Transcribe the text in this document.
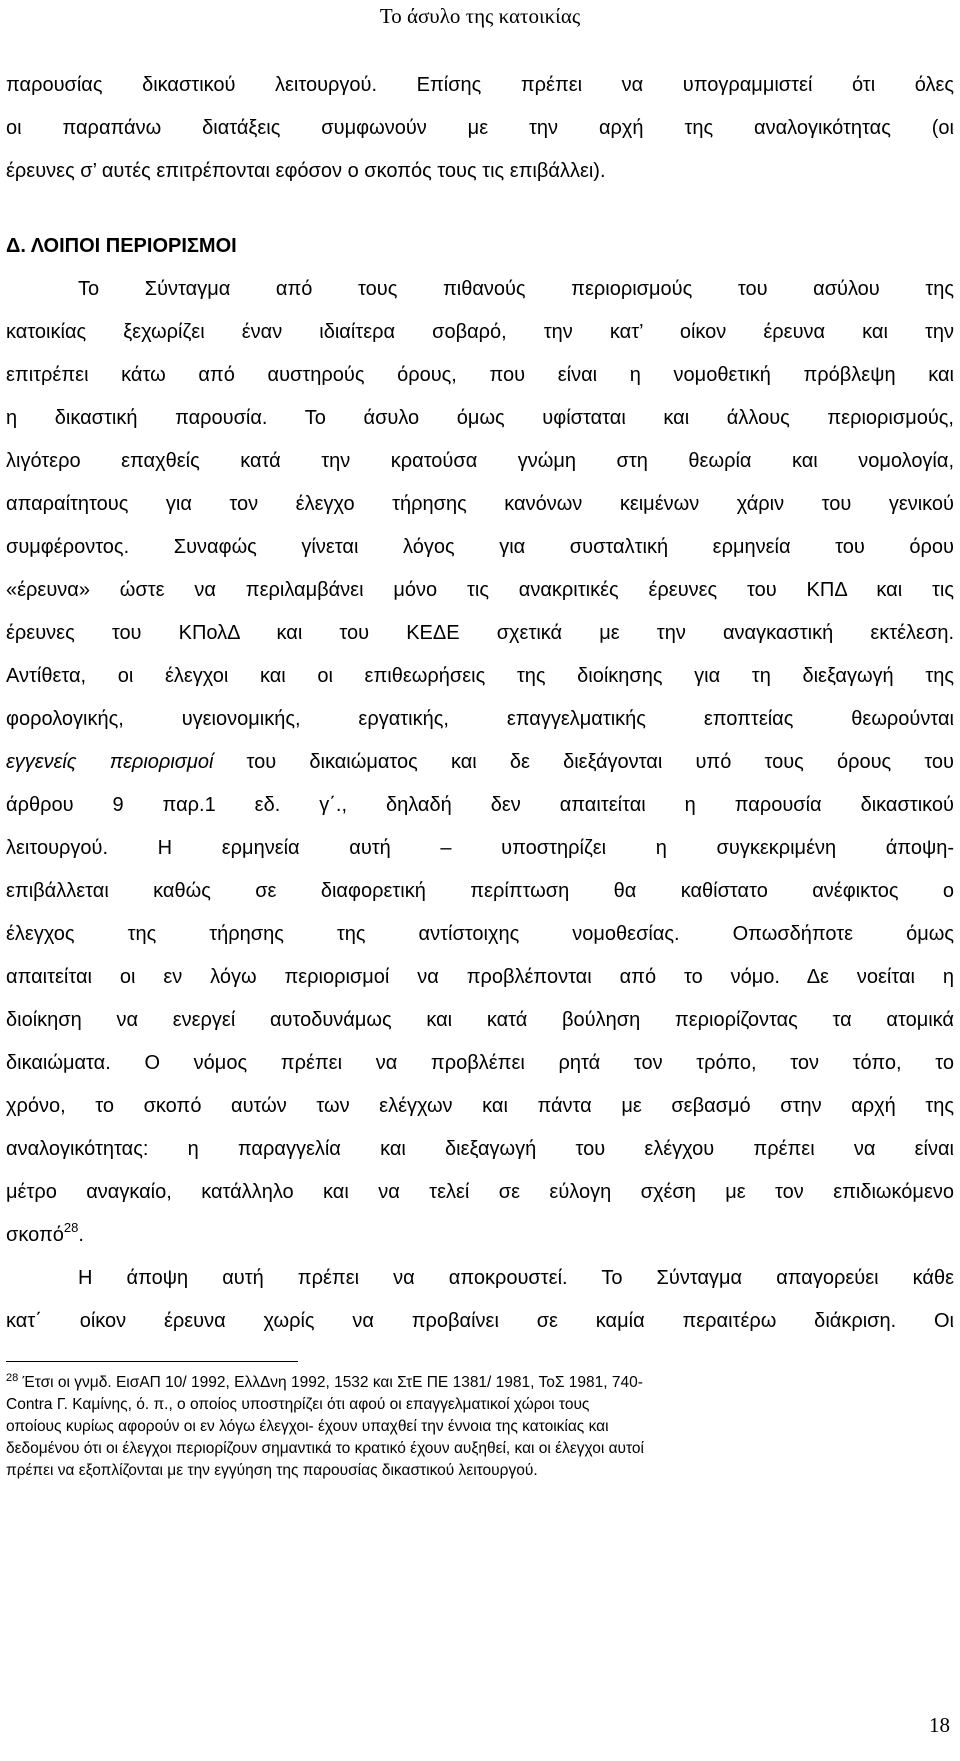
Το άσυλο της κατοικίας

παρουσίας δικαστικού λειτουργού. Επίσης πρέπει να υπογραμμιστεί ότι όλες
οι παραπάνω διατάξεις συμφωνούν με την αρχή της αναλογικότητας (οι
έρευνες σ’ αυτές επιτρέπονται εφόσον ο σκοπός τους τις επιβάλλει).

Δ. ΛΟΙΠΟΙ ΠΕΡΙΟΡΙΣΜΟΙ

Το Σύνταγμα από τους πιθανούς περιορισμούς του ασύλου της
κατοικίας ξεχωρίζει έναν ιδιαίτερα σοβαρό, την κατ’ οίκον έρευνα και την
επιτρέπει κάτω από αυστηρούς όρους, που είναι η νομοθετική πρόβλεψη και
η δικαστική παρουσία. Το άσυλο όμως υφίσταται και άλλους περιορισμούς,
λιγότερο επαχθείς κατά την κρατούσα γνώμη στη θεωρία και νομολογία,
απαραίτητους για τον έλεγχο τήρησης κανόνων κειμένων χάριν του γενικού
συμφέροντος. Συναφώς γίνεται λόγος για συσταλτική ερμηνεία του όρου
«έρευνα» ώστε να περιλαμβάνει μόνο τις ανακριτικές έρευνες του ΚΠΔ και τις
έρευνες του ΚΠολΔ και του ΚΕΔΕ σχετικά με την αναγκαστική εκτέλεση.
Αντίθετα, οι έλεγχοι και οι επιθεωρήσεις της διοίκησης για τη διεξαγωγή της
φορολογικής, υγειονομικής, εργατικής, επαγγελματικής εποπτείας θεωρούνται
εγγενείς περιορισμοί του δικαιώματος και δε διεξάγονται υπό τους όρους του
άρθρου 9 παρ.1 εδ. γ΄., δηλαδή δεν απαιτείται η παρουσία δικαστικού
λειτουργού. Η ερμηνεία αυτή – υποστηρίζει η συγκεκριμένη άποψη-
επιβάλλεται καθώς σε διαφορετική περίπτωση θα καθίστατο ανέφικτος ο
έλεγχος της τήρησης της αντίστοιχης νομοθεσίας. Οπωσδήποτε όμως
απαιτείται οι εν λόγω περιορισμοί να προβλέπονται από το νόμο. Δε νοείται η
διοίκηση να ενεργεί αυτοδυνάμως και κατά βούληση περιορίζοντας τα ατομικά
δικαιώματα. Ο νόμος πρέπει να προβλέπει ρητά τον τρόπο, τον τόπο, το
χρόνο, το σκοπό αυτών των ελέγχων και πάντα με σεβασμό στην αρχή της
αναλογικότητας: η παραγγελία και διεξαγωγή του ελέγχου πρέπει να είναι
μέτρο αναγκαίο, κατάλληλο και να τελεί σε εύλογη σχέση με τον επιδιωκόμενο
σκοπό$^{28}$.

Η άποψη αυτή πρέπει να αποκρουστεί. Το Σύνταγμα απαγορεύει κάθε
κατ΄ οίκον έρευνα χωρίς να προβαίνει σε καμία περαιτέρω διάκριση. Οι

$^{28}$ Έτσι οι γνμδ. ΕισΑΠ 10/ 1992, ΕλλΔνη 1992, 1532 και ΣτΕ ΠΕ 1381/ 1981, ΤοΣ 1981, 740-
Contra Γ. Καμίνης, ό. π., ο οποίος υποστηρίζει ότι αφού οι επαγγελματικοί χώροι τους
οποίους κυρίως αφορούν οι εν λόγω έλεγχοι- έχουν υπαχθεί την έννοια της κατοικίας και
δεδομένου ότι οι έλεγχοι περιορίζουν σημαντικά το κρατικό έχουν αυξηθεί, και οι έλεγχοι αυτοί
πρέπει να εξοπλίζονται με την εγγύηση της παρουσίας δικαστικού λειτουργού.
18
